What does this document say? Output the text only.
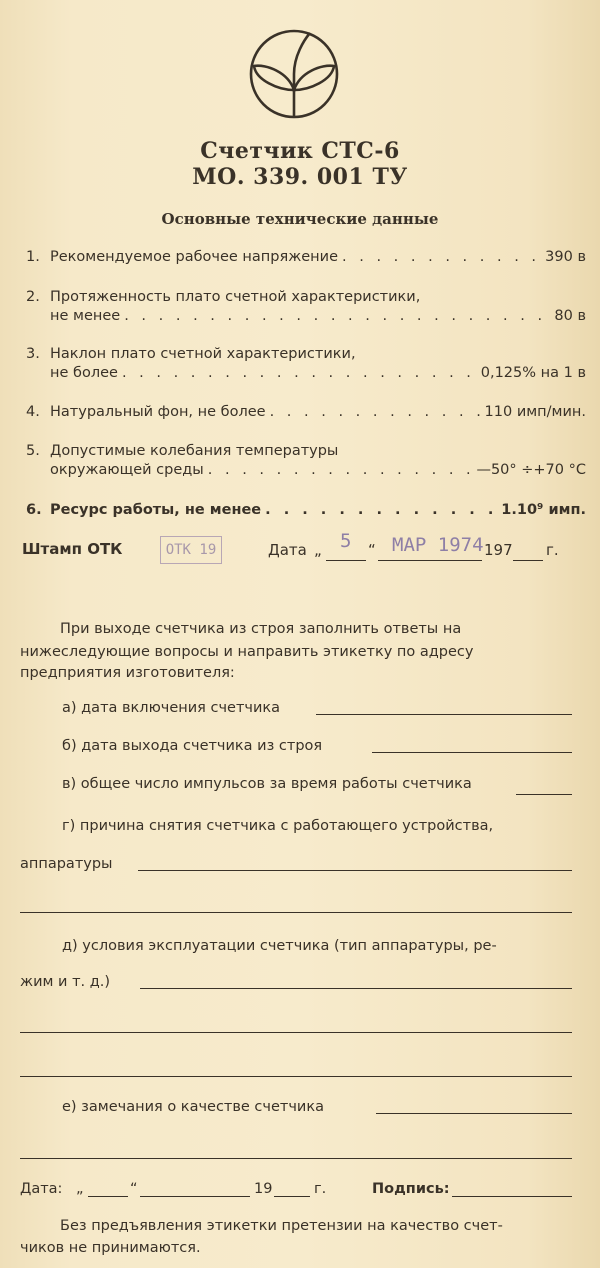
Счетчик СТС-6
МО. 339. 001 ТУ
Основные технические данные
1. Рекомендуемое рабочее напряжение . . .	390 в
2. Протяженность плато счетной характеристики,
не менее . . .	80 в
3. Наклон плато счетной характеристики,
не более . . .	0,125% на 1 в
4. Натуральный фон, не более . . .	110 имп/мин.
5. Допустимые колебания температуры
окружающей среды . . .	—50° ÷+70 °C
6. Ресурс работы, не менее . . .	1.10⁹ имп.
Штамп ОТК	ОТК 19	Дата „ 5 “ МАР 1974 197 г.
При выходе счетчика из строя заполнить ответы на
нижеследующие вопросы и направить этикетку по адресу
предприятия изготовителя:
а) дата включения счетчика
б) дата выхода счетчика из строя
в) общее число импульсов за время работы счетчика
г) причина снятия счетчика с работающего устройства,
аппаратуры
д) условия эксплуатации счетчика (тип аппаратуры, ре-
жим и т. д.)
е) замечания о качестве счетчика
Дата: „	“	19	г.	Подпись:
Без предъявления этикетки претензии на качество счет-
чиков не принимаются.
